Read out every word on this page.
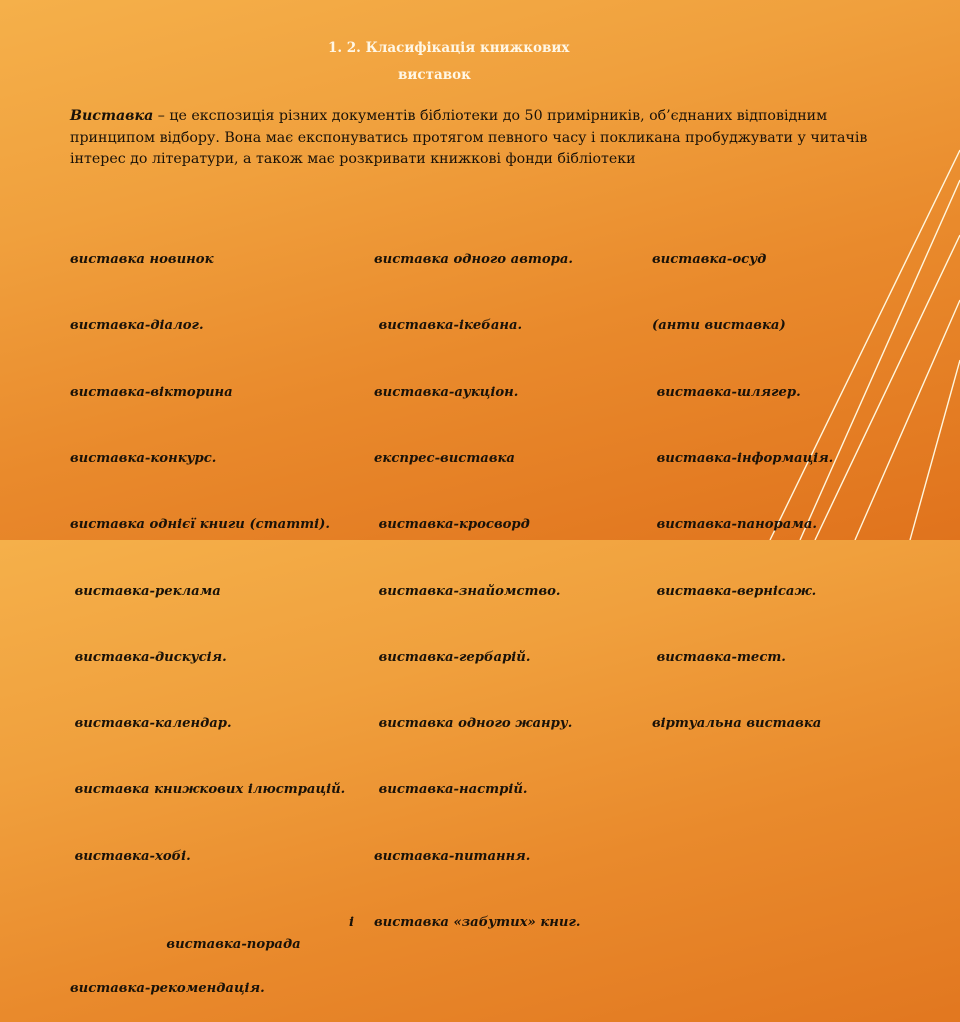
1. 2. Класифікація книжкових
виставок
Виставка – це експозиція різних документів бібліотеки до 50 примірників, об’єднаних відповідним принципом відбору. Вона має експонуватись протягом певного часу і покликана пробуджувати у читачів інтерес до літератури, а також має розкривати книжкові фонди бібліотеки

виставка новинок

виставка-діалог.

виставка-вікторина

виставка-конкурс.

виставка однієї книги (статті).

виставка-реклама

виставка-дискусія.

виставка-календар.

виставка книжкових ілюстрацій.

виставка-хобі.

виставка-порада

і

виставка-рекомендація.

виставка одного автора.

виставка-ікебана.

виставка-аукціон.

експрес-виставка

виставка-кросворд

виставка-знайомство.

виставка-гербарій.

виставка одного жанру.

виставка-настрій.

виставка-питання.

виставка «забутих» книг.

виставка-осуд

(анти виставка)

виставка-шлягер.

виставка-інформація.

виставка-панорама.

виставка-вернісаж.

виставка-тест.

віртуальна виставка
